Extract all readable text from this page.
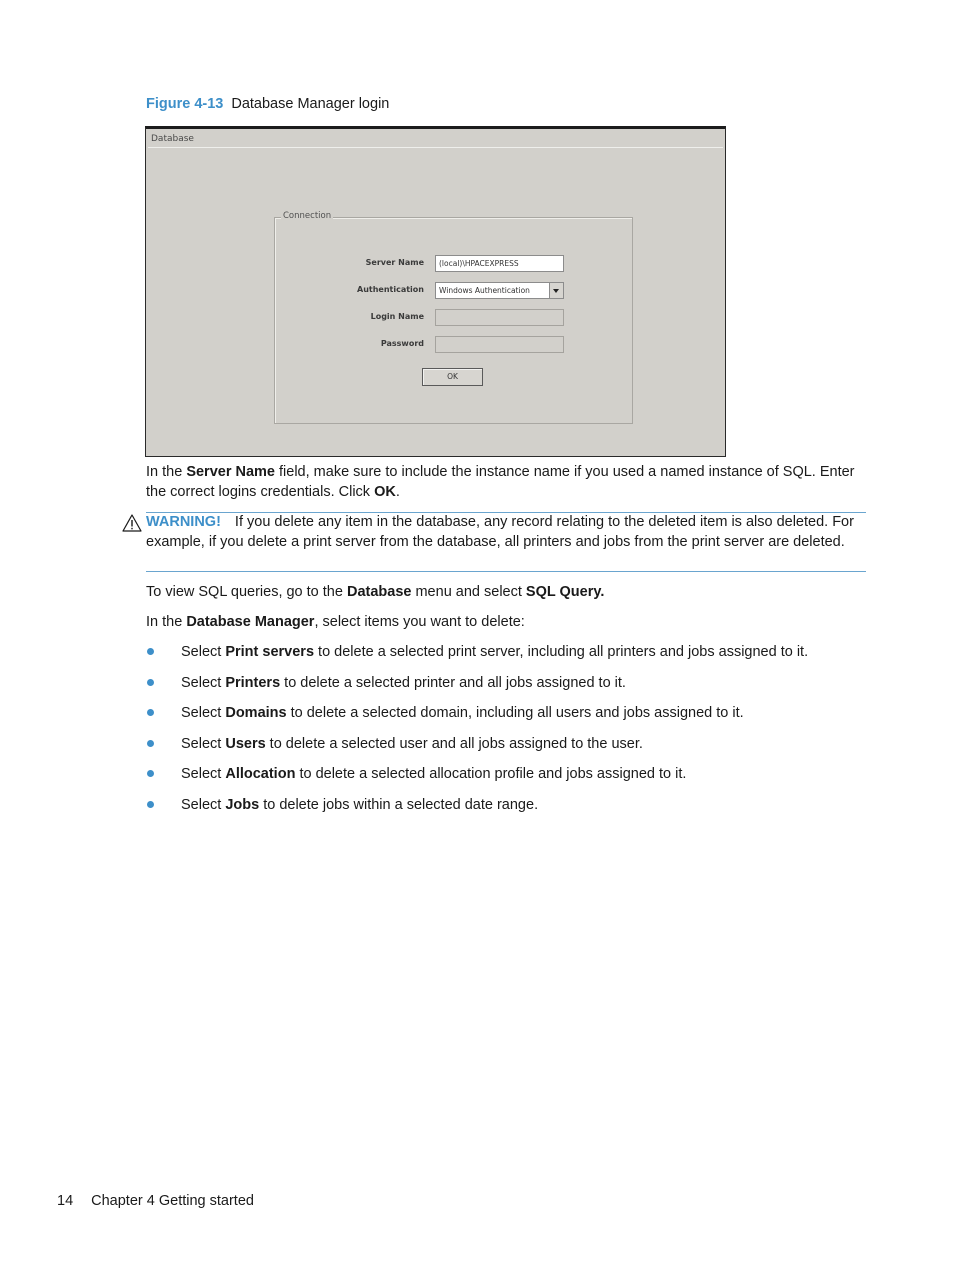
Figure 4-13 Database Manager login
Database
Connection
Server Name	(local)\HPACEXPRESS
Authentication	Windows Authentication
Login Name
Password
OK
In the Server Name field, make sure to include the instance name if you used a named instance of SQL. Enter the correct logins credentials. Click OK.
WARNING! If you delete any item in the database, any record relating to the deleted item is also deleted. For example, if you delete a print server from the database, all printers and jobs from the print server are deleted.
To view SQL queries, go to the Database menu and select SQL Query.
In the Database Manager, select items you want to delete:
Select Print servers to delete a selected print server, including all printers and jobs assigned to it.
Select Printers to delete a selected printer and all jobs assigned to it.
Select Domains to delete a selected domain, including all users and jobs assigned to it.
Select Users to delete a selected user and all jobs assigned to the user.
Select Allocation to delete a selected allocation profile and jobs assigned to it.
Select Jobs to delete jobs within a selected date range.
14 Chapter 4 Getting started
